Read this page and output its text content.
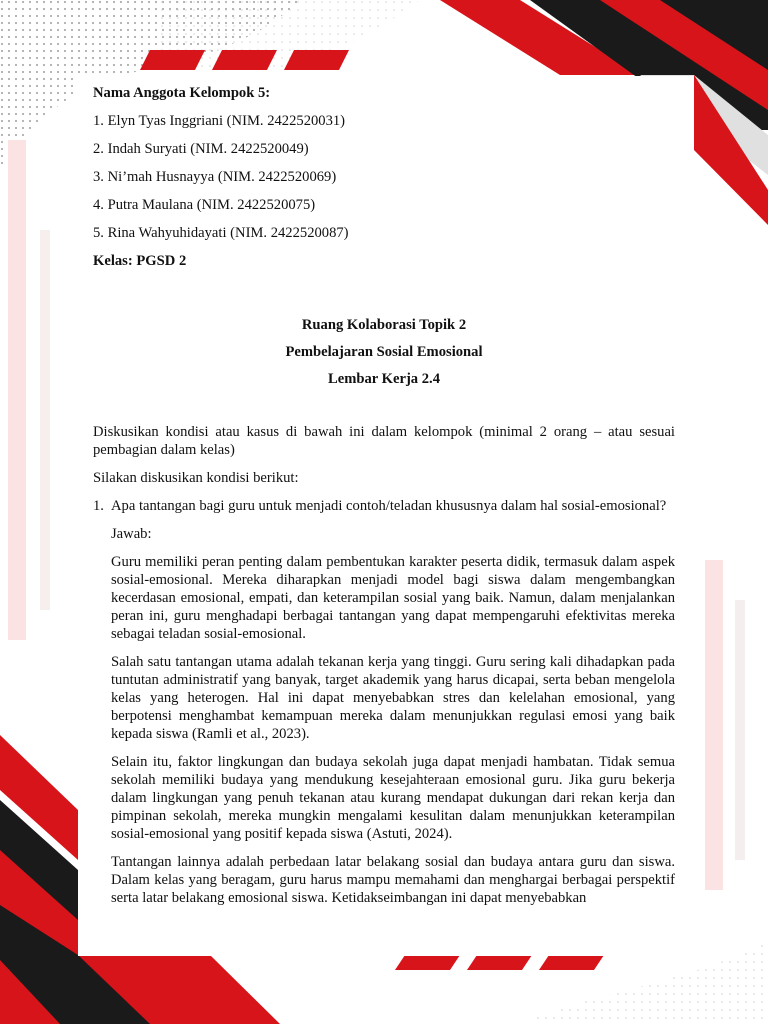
Nama Anggota Kelompok 5:
1. Elyn Tyas Inggriani (NIM. 2422520031)
2. Indah Suryati (NIM. 2422520049)
3. Ni’mah Husnayya (NIM. 2422520069)
4. Putra Maulana (NIM. 2422520075)
5. Rina Wahyuhidayati (NIM. 2422520087)
Kelas: PGSD 2
Ruang Kolaborasi Topik 2
Pembelajaran Sosial Emosional
Lembar Kerja 2.4
Diskusikan kondisi atau kasus di bawah ini dalam kelompok (minimal 2 orang – atau sesuai pembagian dalam kelas)
Silakan diskusikan kondisi berikut:
1. Apa tantangan bagi guru untuk menjadi contoh/teladan khususnya dalam hal sosial-emosional?
Jawab:
Guru memiliki peran penting dalam pembentukan karakter peserta didik, termasuk dalam aspek sosial-emosional. Mereka diharapkan menjadi model bagi siswa dalam mengembangkan kecerdasan emosional, empati, dan keterampilan sosial yang baik. Namun, dalam menjalankan peran ini, guru menghadapi berbagai tantangan yang dapat mempengaruhi efektivitas mereka sebagai teladan sosial-emosional.
Salah satu tantangan utama adalah tekanan kerja yang tinggi. Guru sering kali dihadapkan pada tuntutan administratif yang banyak, target akademik yang harus dicapai, serta beban mengelola kelas yang heterogen. Hal ini dapat menyebabkan stres dan kelelahan emosional, yang berpotensi menghambat kemampuan mereka dalam menunjukkan regulasi emosi yang baik kepada siswa (Ramli et al., 2023).
Selain itu, faktor lingkungan dan budaya sekolah juga dapat menjadi hambatan. Tidak semua sekolah memiliki budaya yang mendukung kesejahteraan emosional guru. Jika guru bekerja dalam lingkungan yang penuh tekanan atau kurang mendapat dukungan dari rekan kerja dan pimpinan sekolah, mereka mungkin mengalami kesulitan dalam menunjukkan keterampilan sosial-emosional yang positif kepada siswa (Astuti, 2024).
Tantangan lainnya adalah perbedaan latar belakang sosial dan budaya antara guru dan siswa. Dalam kelas yang beragam, guru harus mampu memahami dan menghargai berbagai perspektif serta latar belakang emosional siswa. Ketidakseimbangan ini dapat menyebabkan
